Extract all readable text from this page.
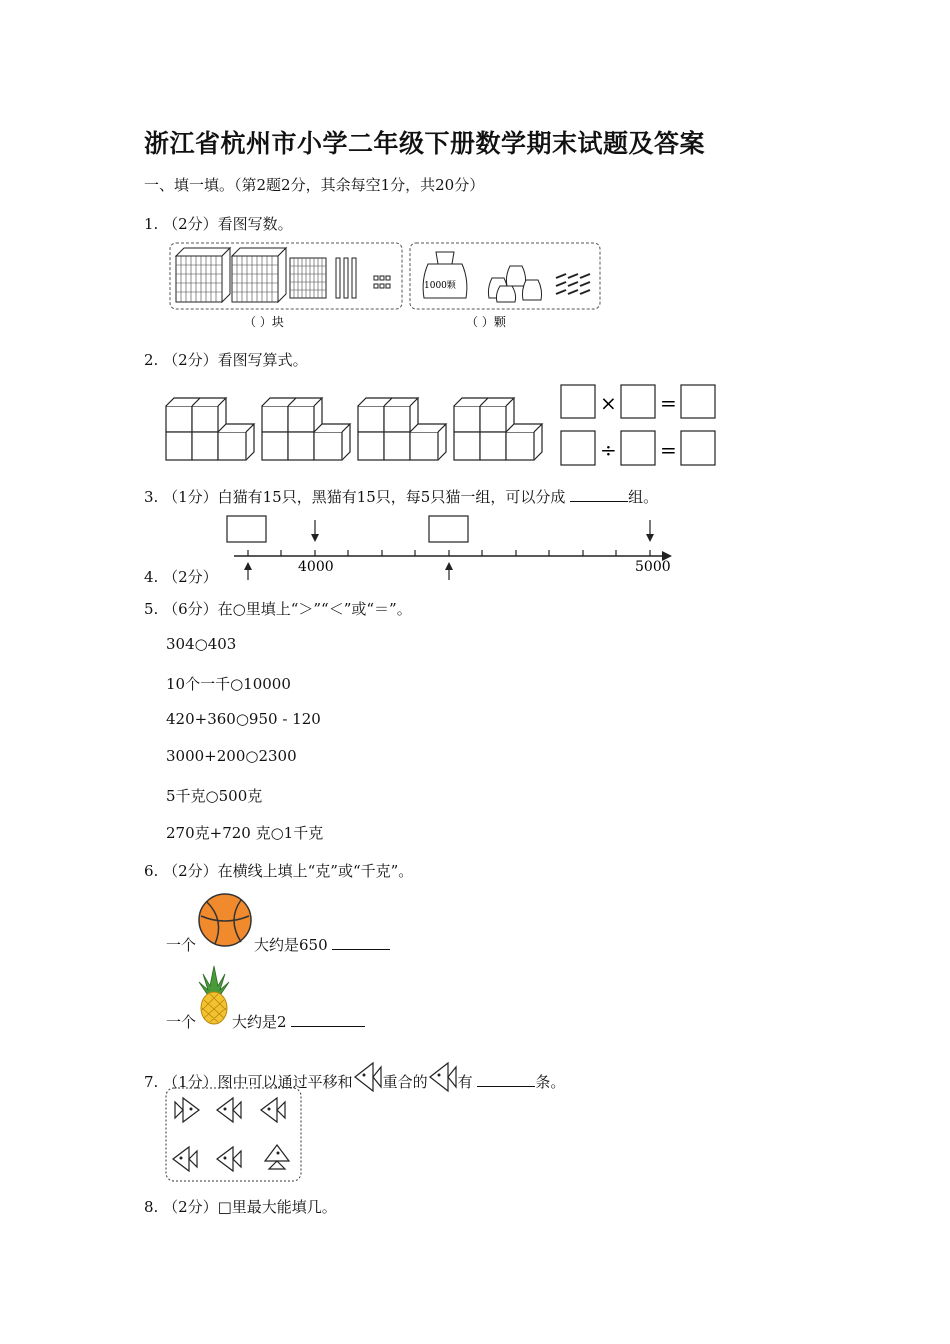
浙江省杭州市小学二年级下册数学期末试题及答案
一、填一填。（第2题2分，其余每空1分，共20分）
1. （2分）看图写数。
1000颗
（ ）块	（ ）颗
2. （2分）看图写算式。
× =
÷ =
3. （1分）白猫有15只，黑猫有15只，每5只猫一组，可以分成	组。
4000	5000
4. （2分）
5. （6分）在○里填上“＞”“＜”或“＝”。
304○403
10个一千○10000
420+360○950 - 120
3000+200○2300
5千克○500克
270克+720 克○1千克
6. （2分）在横线上填上“克”或“千克”。
一个	大约是650
一个 大约是2
7. （1分）图中可以通过平移和 重合的 有	条。
8. （2分）□里最大能填几。
